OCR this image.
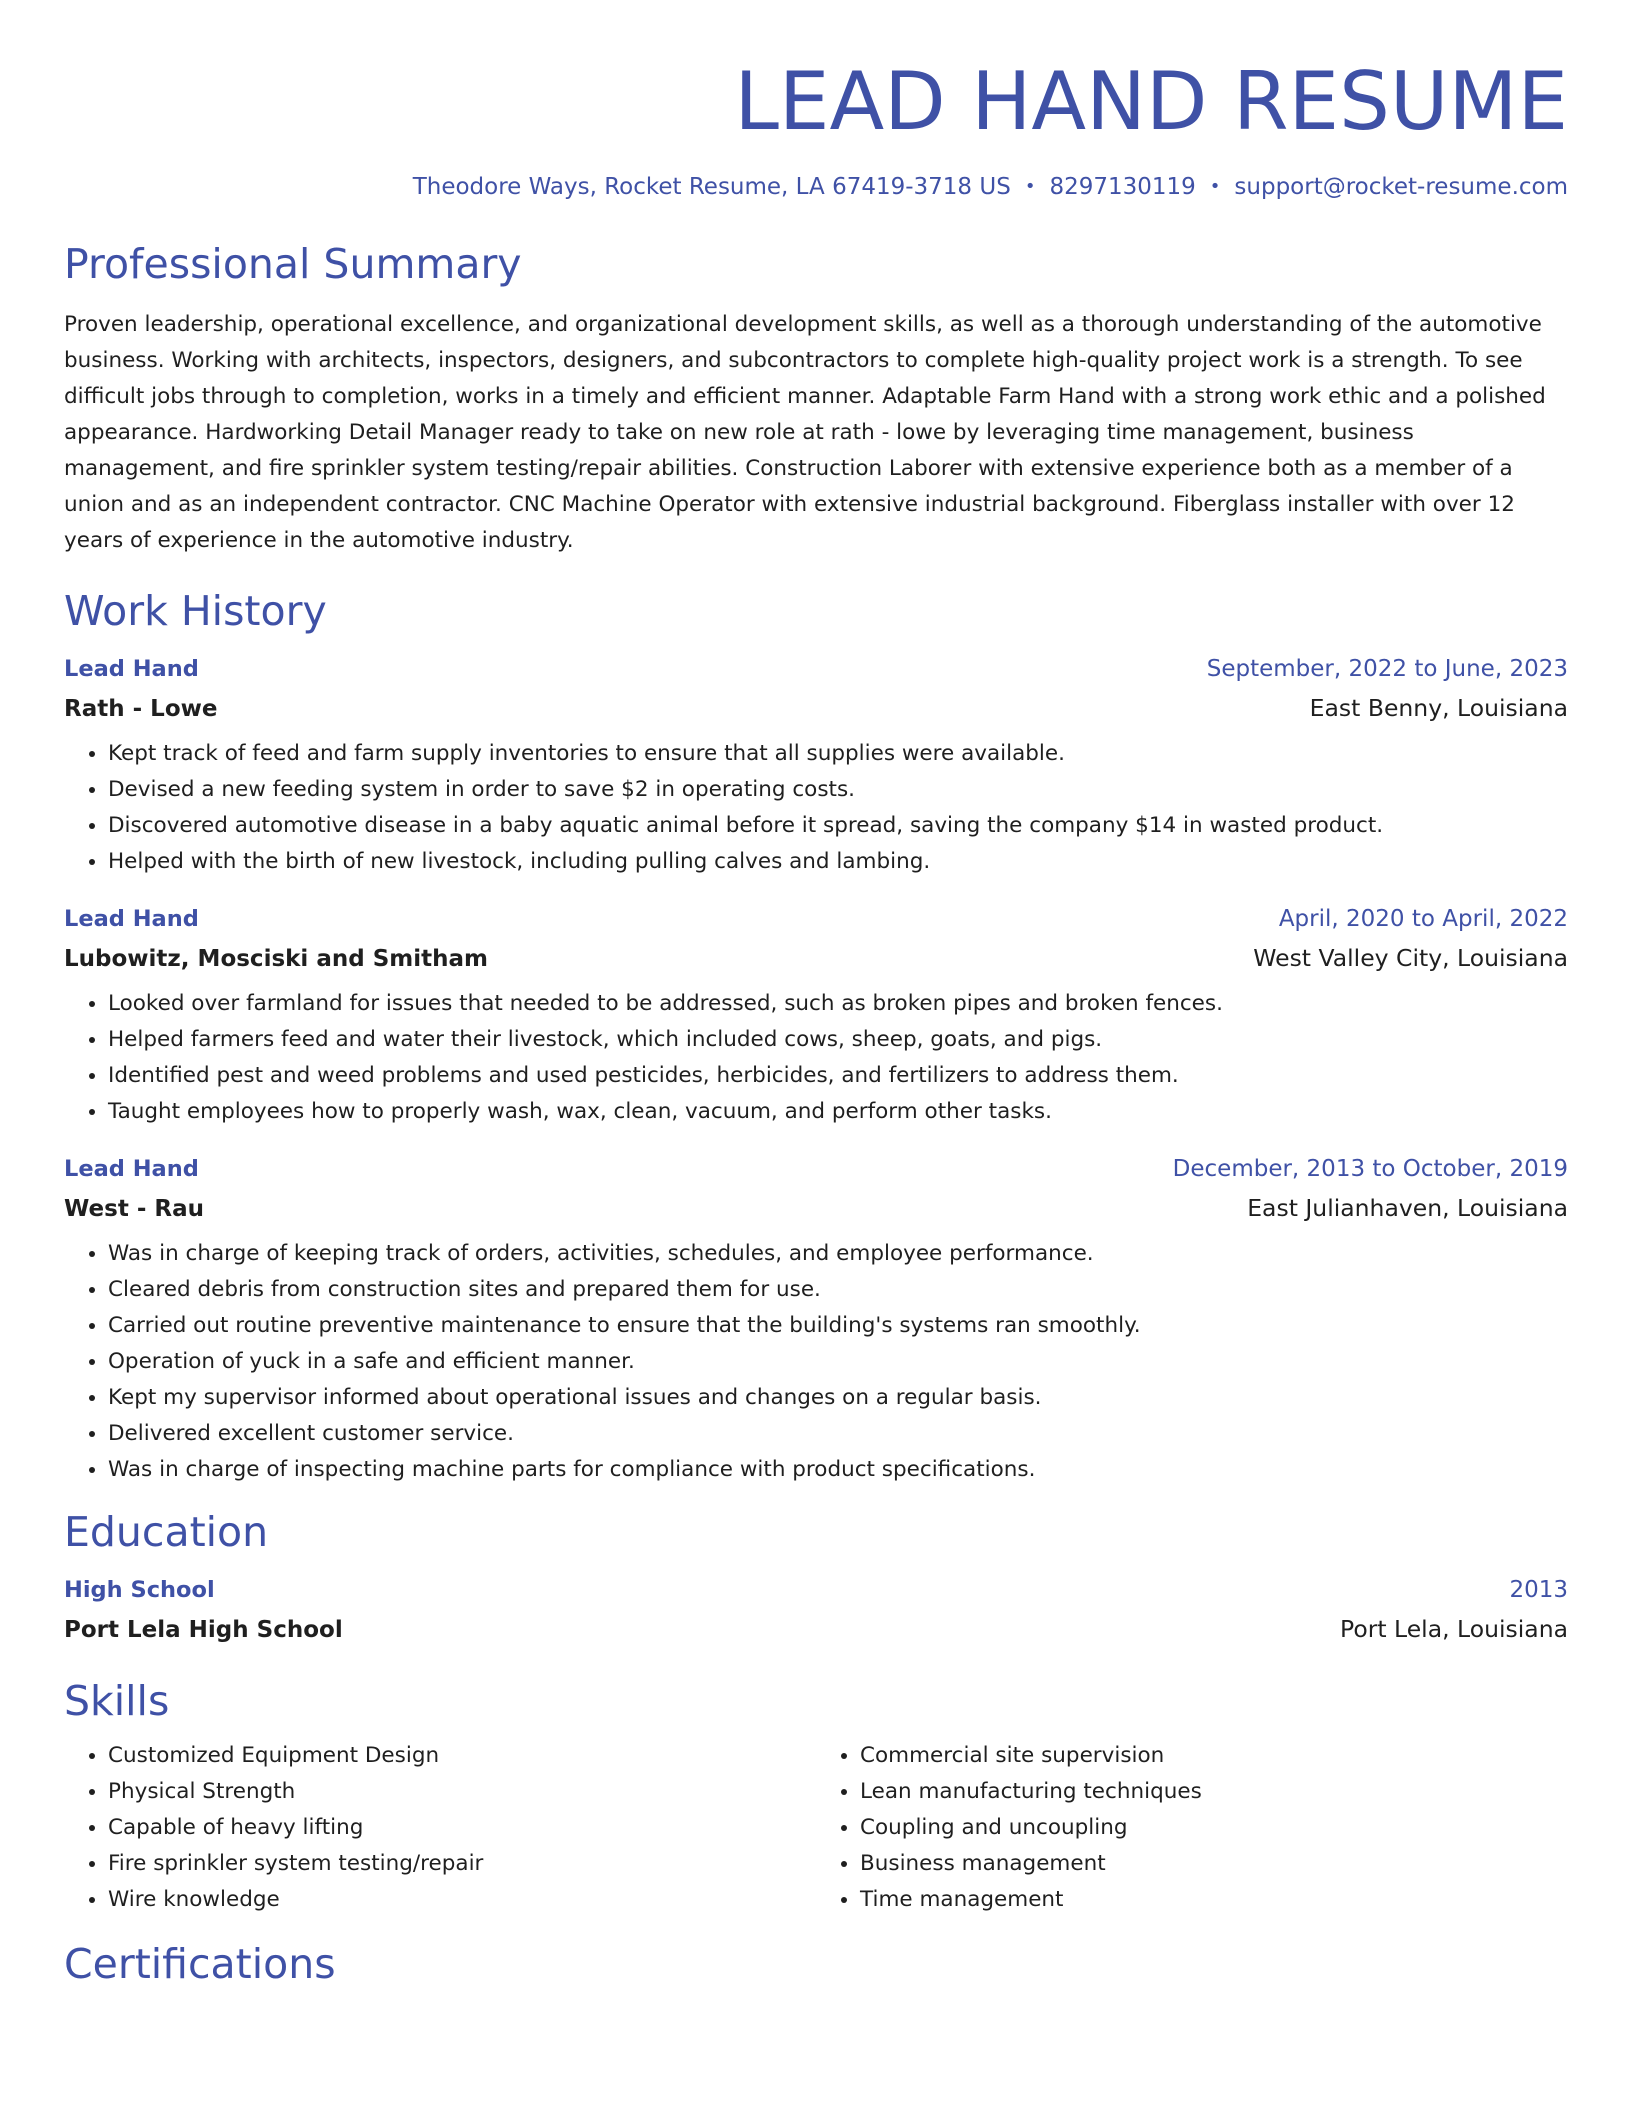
LEAD HAND RESUME
Theodore Ways, Rocket Resume, LA 67419-3718 US • 8297130119 • support@rocket-resume.com
Professional Summary
Proven leadership, operational excellence, and organizational development skills, as well as a thorough understanding of the automotive business. Working with architects, inspectors, designers, and subcontractors to complete high-quality project work is a strength. To see difficult jobs through to completion, works in a timely and efficient manner. Adaptable Farm Hand with a strong work ethic and a polished appearance. Hardworking Detail Manager ready to take on new role at rath - lowe by leveraging time management, business management, and fire sprinkler system testing/repair abilities. Construction Laborer with extensive experience both as a member of a union and as an independent contractor. CNC Machine Operator with extensive industrial background. Fiberglass installer with over 12 years of experience in the automotive industry.
Work History
Lead Hand	September, 2022 to June, 2023
Rath - Lowe	East Benny, Louisiana
• Kept track of feed and farm supply inventories to ensure that all supplies were available.
• Devised a new feeding system in order to save $2 in operating costs.
• Discovered automotive disease in a baby aquatic animal before it spread, saving the company $14 in wasted product.
• Helped with the birth of new livestock, including pulling calves and lambing.
Lead Hand	April, 2020 to April, 2022
Lubowitz, Mosciski and Smitham	West Valley City, Louisiana
• Looked over farmland for issues that needed to be addressed, such as broken pipes and broken fences.
• Helped farmers feed and water their livestock, which included cows, sheep, goats, and pigs.
• Identified pest and weed problems and used pesticides, herbicides, and fertilizers to address them.
• Taught employees how to properly wash, wax, clean, vacuum, and perform other tasks.
Lead Hand	December, 2013 to October, 2019
West - Rau	East Julianhaven, Louisiana
• Was in charge of keeping track of orders, activities, schedules, and employee performance.
• Cleared debris from construction sites and prepared them for use.
• Carried out routine preventive maintenance to ensure that the building's systems ran smoothly.
• Operation of yuck in a safe and efficient manner.
• Kept my supervisor informed about operational issues and changes on a regular basis.
• Delivered excellent customer service.
• Was in charge of inspecting machine parts for compliance with product specifications.
Education
High School	2013
Port Lela High School	Port Lela, Louisiana
Skills
• Customized Equipment Design
• Physical Strength
• Capable of heavy lifting
• Fire sprinkler system testing/repair
• Wire knowledge
• Commercial site supervision
• Lean manufacturing techniques
• Coupling and uncoupling
• Business management
• Time management
Certifications
